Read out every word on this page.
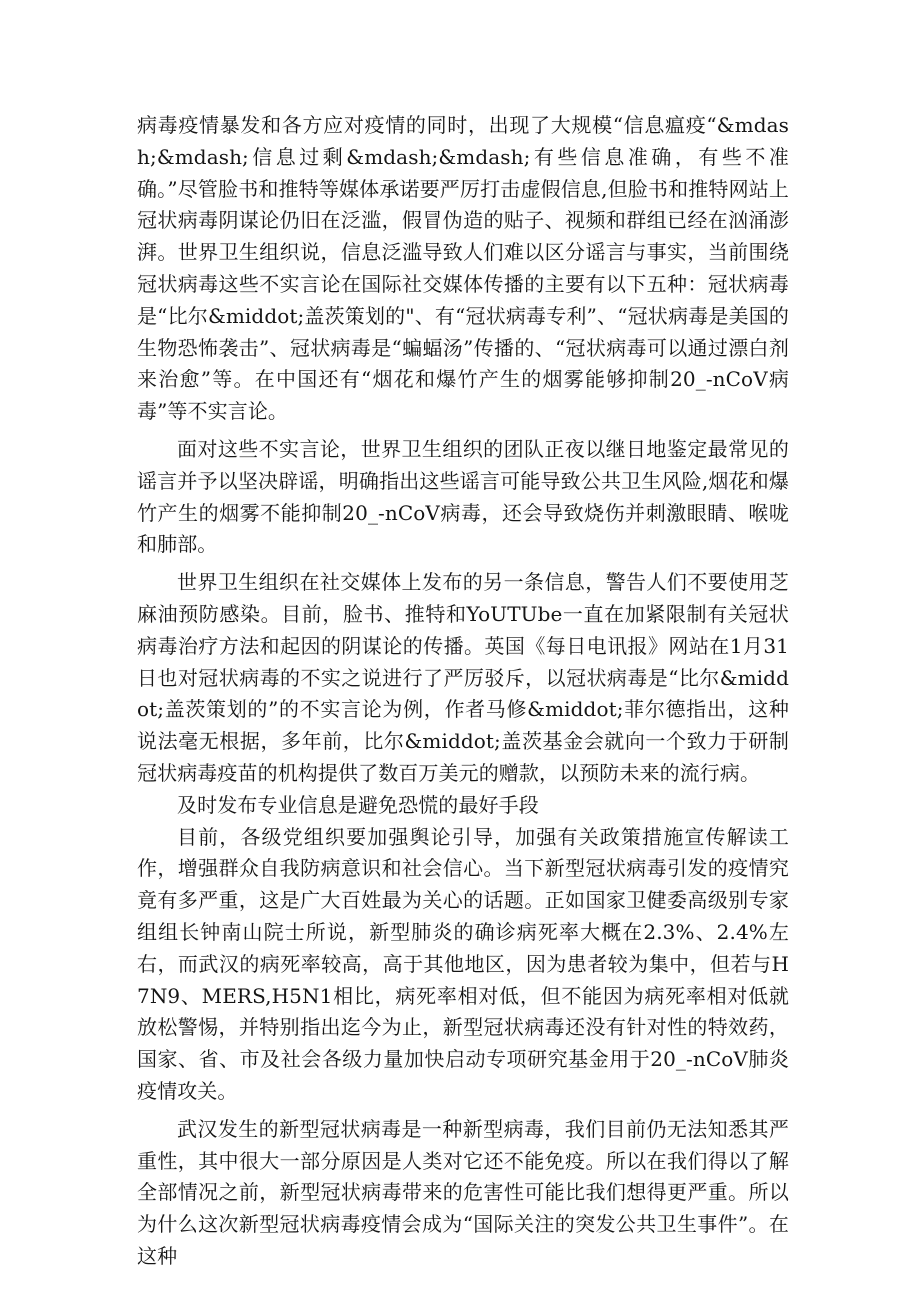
病毒疫情暴发和各方应对疫情的同时，出现了大规模“信息瘟疫“&mdash;&mdash;信息过剩&mdash;&mdash;有些信息准确，有些不准确。”尽管脸书和推特等媒体承诺要严厉打击虚假信息,但脸书和推特网站上冠状病毒阴谋论仍旧在泛滥，假冒伪造的贴子、视频和群组已经在汹涌澎湃。世界卫生组织说，信息泛滥导致人们难以区分谣言与事实，当前围绕冠状病毒这些不实言论在国际社交媒体传播的主要有以下五种：冠状病毒是“比尔&middot;盖茨策划的"、有“冠状病毒专利”、“冠状病毒是美国的生物恐怖袭击”、冠状病毒是“蝙蝠汤”传播的、“冠状病毒可以通过漂白剂来治愈”等。在中国还有“烟花和爆竹产生的烟雾能够抑制20_-nCoV病毒”等不实言论。

面对这些不实言论，世界卫生组织的团队正夜以继日地鉴定最常见的谣言并予以坚决辟谣，明确指出这些谣言可能导致公共卫生风险,烟花和爆竹产生的烟雾不能抑制20_-nCoV病毒，还会导致烧伤并刺激眼睛、喉咙和肺部。

世界卫生组织在社交媒体上发布的另一条信息，警告人们不要使用芝麻油预防感染。目前，脸书、推特和YoUTUbe一直在加紧限制有关冠状病毒治疗方法和起因的阴谋论的传播。英国《每日电讯报》网站在1月31日也对冠状病毒的不实之说进行了严厉驳斥，以冠状病毒是“比尔&middot;盖茨策划的”的不实言论为例，作者马修&middot;菲尔德指出，这种说法毫无根据，多年前，比尔&middot;盖茨基金会就向一个致力于研制冠状病毒疫苗的机构提供了数百万美元的赠款，以预防未来的流行病。

及时发布专业信息是避免恐慌的最好手段

目前，各级党组织要加强舆论引导，加强有关政策措施宣传解读工作，增强群众自我防病意识和社会信心。当下新型冠状病毒引发的疫情究竟有多严重，这是广大百姓最为关心的话题。正如国家卫健委高级别专家组组长钟南山院士所说，新型肺炎的确诊病死率大概在2.3%、2.4%左右，而武汉的病死率较高，高于其他地区，因为患者较为集中，但若与H7N9、MERS,H5N1相比，病死率相对低，但不能因为病死率相对低就放松警惕，并特别指出迄今为止，新型冠状病毒还没有针对性的特效药，国家、省、市及社会各级力量加快启动专项研究基金用于20_-nCoV肺炎疫情攻关。

武汉发生的新型冠状病毒是一种新型病毒，我们目前仍无法知悉其严重性，其中很大一部分原因是人类对它还不能免疫。所以在我们得以了解全部情况之前，新型冠状病毒带来的危害性可能比我们想得更严重。所以为什么这次新型冠状病毒疫情会成为“国际关注的突发公共卫生事件”。在这种
